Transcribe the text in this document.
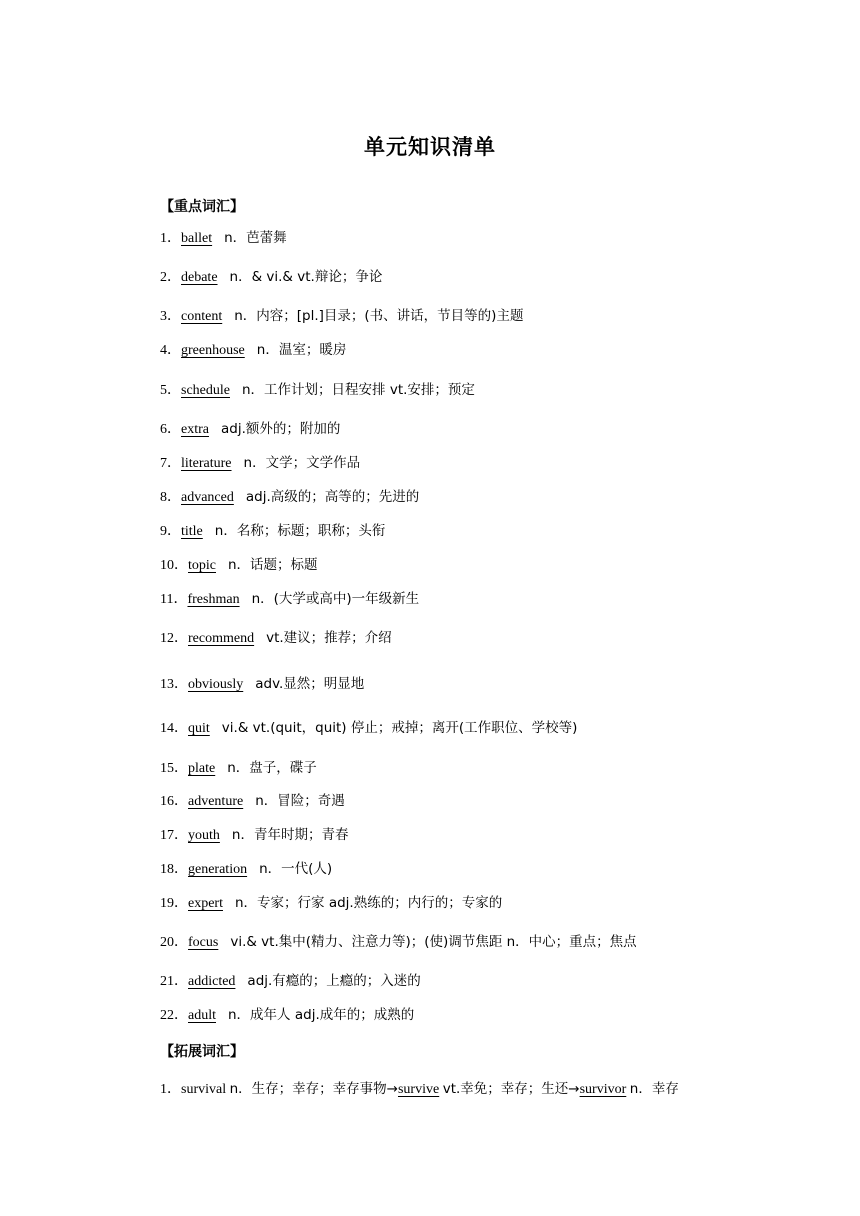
单元知识清单
【重点词汇】
1．ballet n．芭蕾舞
2．debate n．& vi.& vt.辩论；争论
3．content n．内容；[pl.]目录；(书、讲话，节目等的)主题
4．greenhouse n．温室；暖房
5．schedule n．工作计划；日程安排 vt.安排；预定
6．extra adj.额外的；附加的
7．literature n．文学；文学作品
8．advanced adj.高级的；高等的；先进的
9．title n．名称；标题；职称；头衔
10．topic n．话题；标题
11．freshman n．(大学或高中)一年级新生
12．recommend vt.建议；推荐；介绍
13．obviously adv.显然；明显地
14．quit vi.& vt.(quit，quit) 停止；戒掉；离开(工作职位、学校等)
15．plate n．盘子，碟子
16．adventure n．冒险；奇遇
17．youth n．青年时期；青春
18．generation n．一代(人)
19．expert n．专家；行家 adj.熟练的；内行的；专家的
20．focus vi.& vt.集中(精力、注意力等)；(使)调节焦距 n．中心；重点；焦点
21．addicted adj.有瘾的；上瘾的；入迷的
22．adult n．成年人 adj.成年的；成熟的
【拓展词汇】
1．survival n．生存；幸存；幸存事物→survive vt.幸免；幸存；生还→survivor n．幸存
